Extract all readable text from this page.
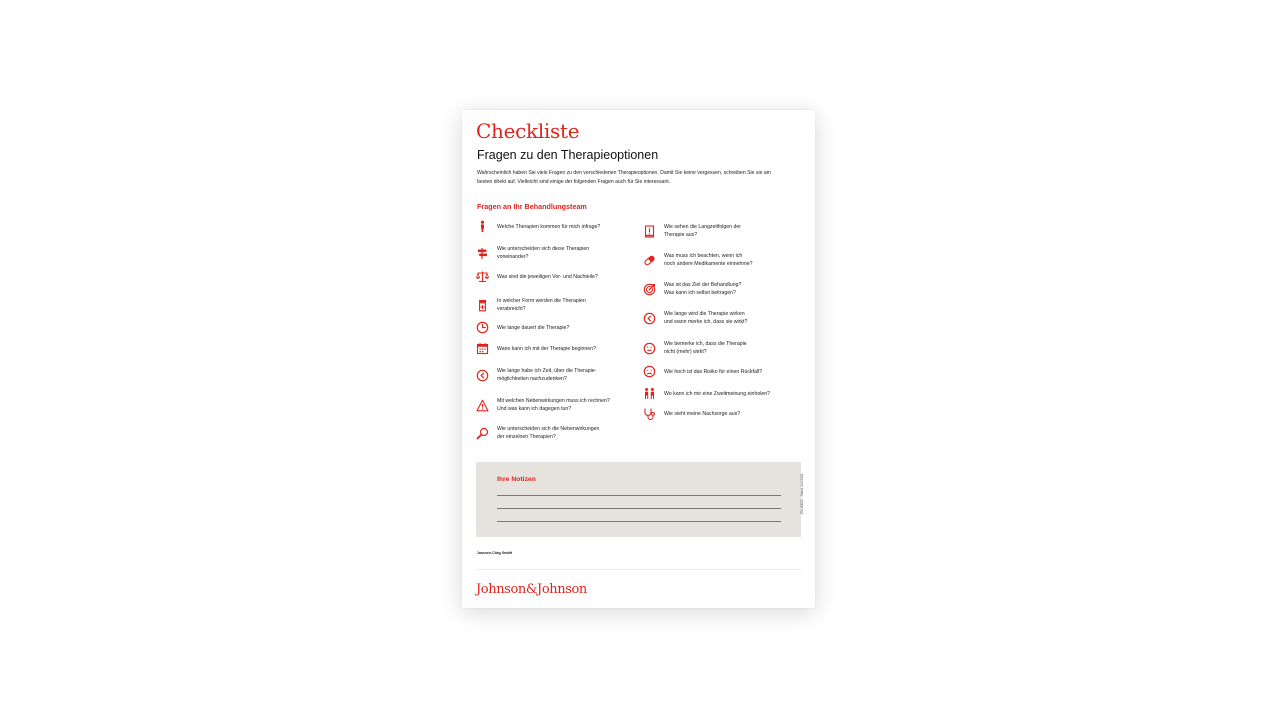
Checkliste
Fragen zu den Therapieoptionen
Wahrscheinlich haben Sie viele Fragen zu den verschiedenen Therapieoptionen. Damit Sie keine vergessen, schreiben Sie sie am besten direkt auf. Vielleicht sind einige der folgenden Fragen auch für Sie interessant.
Fragen an Ihr Behandlungsteam
Welche Therapien kommen für mich infrage?
Wie unterscheiden sich diese Therapien
voneinander?
Was sind die jeweiligen Vor- und Nachteile?
In welcher Form werden die Therapien
verabreicht?
Wie lange dauert die Therapie?
Wann kann ich mit der Therapie beginnen?
Wie lange habe ich Zeit, über die Therapie-
möglichkeiten nachzudenken?
Mit welchen Nebenwirkungen muss ich rechnen?
Und was kann ich dagegen tun?
Wie unterscheiden sich die Nebenwirkungen
der einzelnen Therapien?
Wie sehen die Langzeitfolgen der
Therapie aus?
Was muss ich beachten, wenn ich
noch andere Medikamente einnehme?
Was ist das Ziel der Behandlung?
Was kann ich selbst beitragen?
Wie lange wird die Therapie wirken
und wann merke ich, dass sie wirkt?
Wie bemerke ich, dass die Therapie
nicht (mehr) wirkt?
Wie hoch ist das Risiko für einen Rückfall?
Wo kann ich mir eine Zweitmeinung einholen?
Wie sieht meine Nachsorge aus?
Ihre Notizen	EM-00000 · Stand: Juli 2024
Janssen-Cilag GmbH
Johnson&Johnson
